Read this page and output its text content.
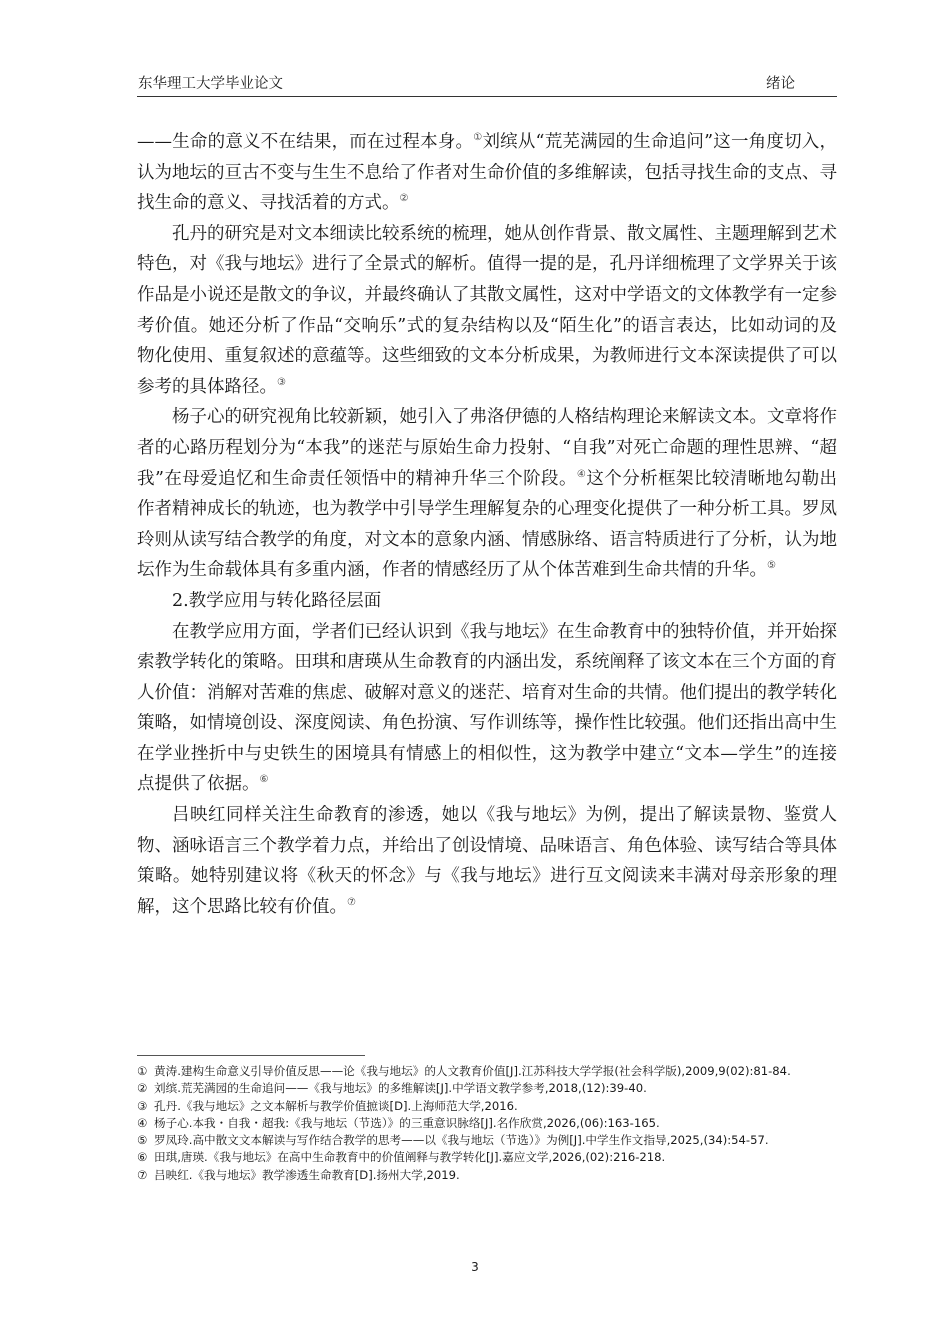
东华理工大学毕业论文	绪论

——生命的意义不在结果，而在过程本身。①刘缤从“荒芜满园的生命追问”这一角度切入，认为地坛的亘古不变与生生不息给了作者对生命价值的多维解读，包括寻找生命的支点、寻找生命的意义、寻找活着的方式。②

孔丹的研究是对文本细读比较系统的梳理，她从创作背景、散文属性、主题理解到艺术特色，对《我与地坛》进行了全景式的解析。值得一提的是，孔丹详细梳理了文学界关于该作品是小说还是散文的争议，并最终确认了其散文属性，这对中学语文的文体教学有一定参考价值。她还分析了作品“交响乐”式的复杂结构以及“陌生化”的语言表达，比如动词的及物化使用、重复叙述的意蕴等。这些细致的文本分析成果，为教师进行文本深读提供了可以参考的具体路径。③

杨子心的研究视角比较新颖，她引入了弗洛伊德的人格结构理论来解读文本。文章将作者的心路历程划分为“本我”的迷茫与原始生命力投射、“自我”对死亡命题的理性思辨、“超我”在母爱追忆和生命责任领悟中的精神升华三个阶段。④这个分析框架比较清晰地勾勒出作者精神成长的轨迹，也为教学中引导学生理解复杂的心理变化提供了一种分析工具。罗凤玲则从读写结合教学的角度，对文本的意象内涵、情感脉络、语言特质进行了分析，认为地坛作为生命载体具有多重内涵，作者的情感经历了从个体苦难到生命共情的升华。⑤

2.教学应用与转化路径层面

在教学应用方面，学者们已经认识到《我与地坛》在生命教育中的独特价值，并开始探索教学转化的策略。田琪和唐瑛从生命教育的内涵出发，系统阐释了该文本在三个方面的育人价值：消解对苦难的焦虑、破解对意义的迷茫、培育对生命的共情。他们提出的教学转化策略，如情境创设、深度阅读、角色扮演、写作训练等，操作性比较强。他们还指出高中生在学业挫折中与史铁生的困境具有情感上的相似性，这为教学中建立“文本—学生”的连接点提供了依据。⑥

吕映红同样关注生命教育的渗透，她以《我与地坛》为例，提出了解读景物、鉴赏人物、涵咏语言三个教学着力点，并给出了创设情境、品味语言、角色体验、读写结合等具体策略。她特别建议将《秋天的怀念》与《我与地坛》进行互文阅读来丰满对母亲形象的理解，这个思路比较有价值。⑦

① 黄涛.建构生命意义引导价值反思——论《我与地坛》的人文教育价值[J].江苏科技大学学报(社会科学版),2009,9(02):81-84.
② 刘缤.荒芜满园的生命追问——《我与地坛》的多维解读[J].中学语文教学参考,2018,(12):39-40.
③ 孔丹.《我与地坛》之文本解析与教学价值摭谈[D].上海师范大学,2016.
④ 杨子心.本我・自我・超我:《我与地坛（节选）》的三重意识脉络[J].名作欣赏,2026,(06):163-165.
⑤ 罗凤玲.高中散文文本解读与写作结合教学的思考——以《我与地坛（节选）》为例[J].中学生作文指导,2025,(34):54-57.
⑥ 田琪,唐瑛.《我与地坛》在高中生命教育中的价值阐释与教学转化[J].嘉应文学,2026,(02):216-218.
⑦ 吕映红.《我与地坛》教学渗透生命教育[D].扬州大学,2019.
3
